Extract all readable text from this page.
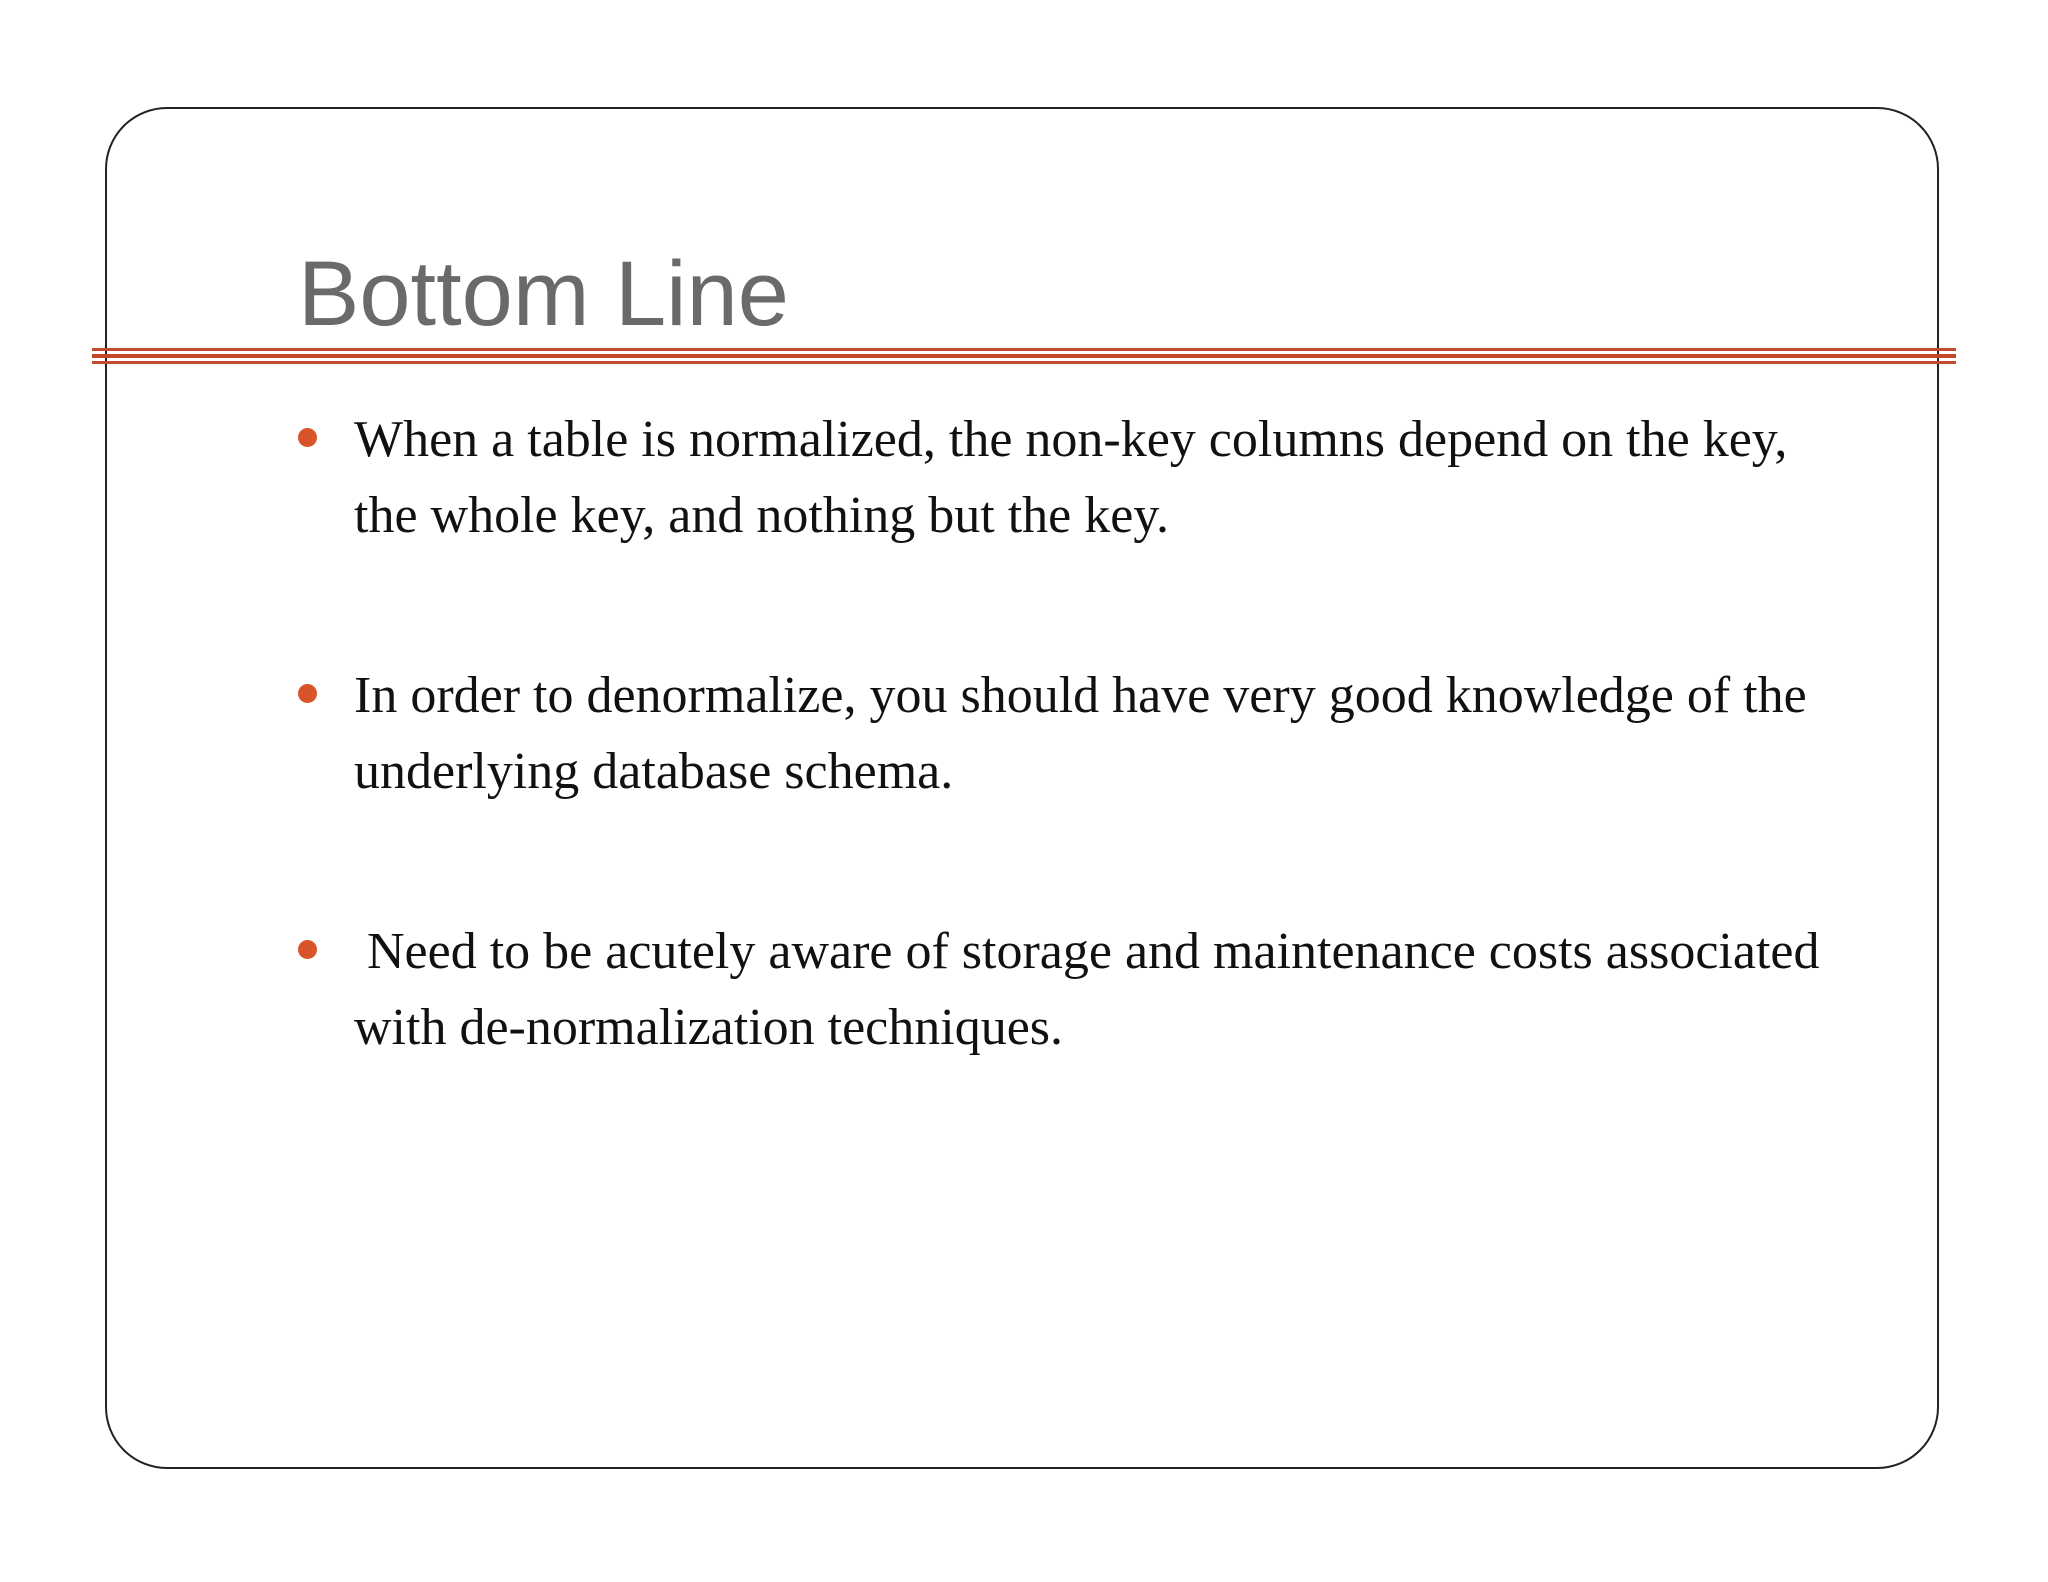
Bottom Line
When a table is normalized, the non-key columns depend on the key, the whole key, and nothing but the key.
In order to denormalize, you should have very good knowledge of the underlying database schema.
Need to be acutely aware of storage and maintenance costs associated with de-normalization techniques.
